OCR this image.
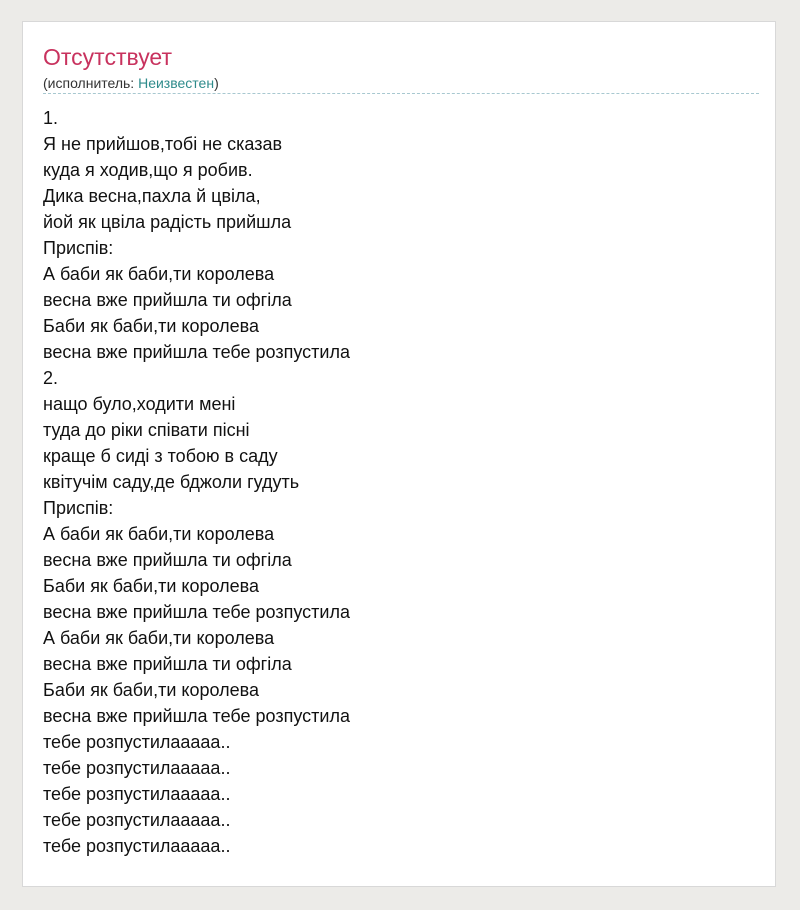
Отсутствует
(исполнитель: Неизвестен)
1.
Я не прийшов,тобі не сказав
куда я ходив,що я робив.
Дика весна,пахла й цвіла,
йой як цвіла радість прийшла
Приспів:
А баби як баби,ти королева
весна вже прийшла ти офгіла
Баби як баби,ти королева
весна вже прийшла тебе розпустила
2.
нащо було,ходити мені
туда до ріки співати пісні
краще б сиді з тобою в саду
квітучім саду,де бджоли гудуть
Приспів:
А баби як баби,ти королева
весна вже прийшла ти офгіла
Баби як баби,ти королева
весна вже прийшла тебе розпустила
А баби як баби,ти королева
весна вже прийшла ти офгіла
Баби як баби,ти королева
весна вже прийшла тебе розпустила
тебе розпустилааааа..
тебе розпустилааааа..
тебе розпустилааааа..
тебе розпустилааааа..
тебе розпустилааааа..
